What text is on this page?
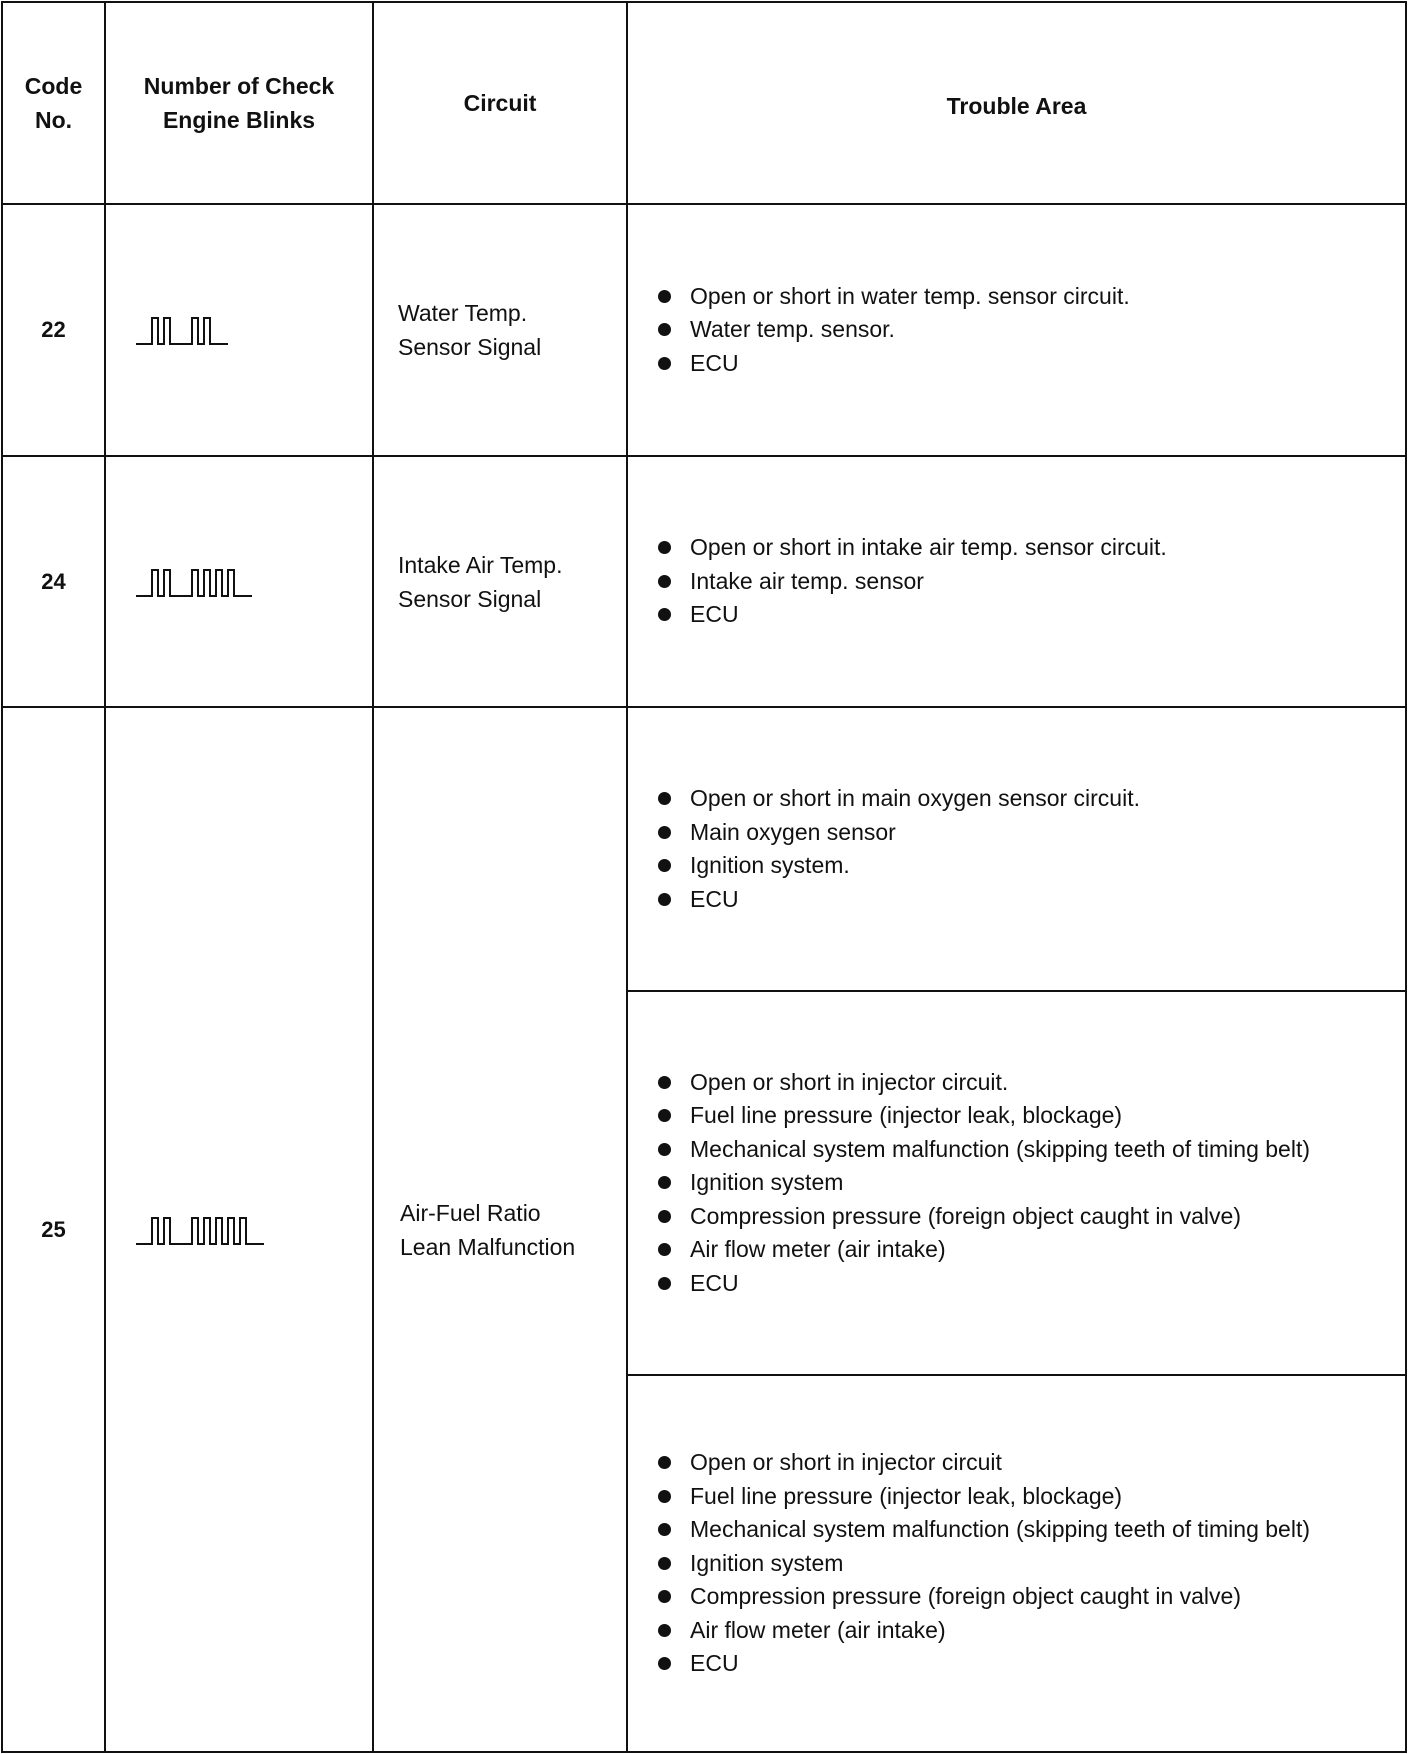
Code
No.
Number of Check
Engine Blinks
Circuit	Trouble Area
22
Water Temp.
Sensor Signal
Open or short in water temp. sensor circuit.
Water temp. sensor.
ECU
24
Intake Air Temp.
Sensor Signal
Open or short in intake air temp. sensor circuit.
Intake air temp. sensor
ECU
25
Air-Fuel Ratio
Lean Malfunction
Open or short in main oxygen sensor circuit.
Main oxygen sensor
Ignition system.
ECU
Open or short in injector circuit.
Fuel line pressure (injector leak, blockage)
Mechanical system malfunction (skipping teeth of timing belt)
Ignition system
Compression pressure (foreign object caught in valve)
Air flow meter (air intake)
ECU
Open or short in injector circuit
Fuel line pressure (injector leak, blockage)
Mechanical system malfunction (skipping teeth of timing belt)
Ignition system
Compression pressure (foreign object caught in valve)
Air flow meter (air intake)
ECU
